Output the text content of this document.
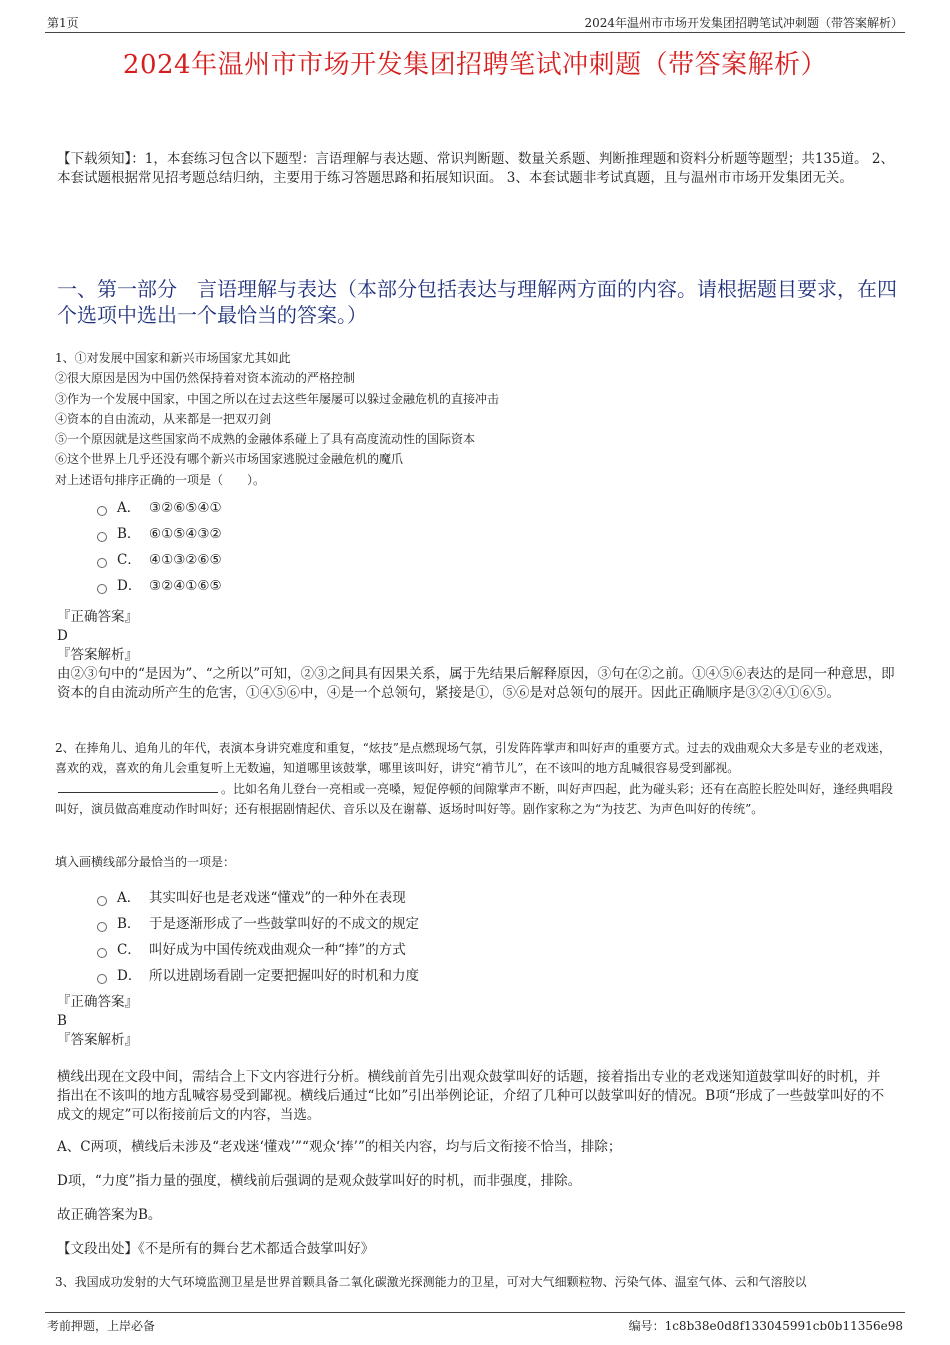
第1页	2024年温州市市场开发集团招聘笔试冲刺题（带答案解析）
2024年温州市市场开发集团招聘笔试冲刺题（带答案解析）
【下载须知】：1，本套练习包含以下题型：言语理解与表达题、常识判断题、数量关系题、判断推理题和资料分析题等题型；共135道。 2、本套试题根据常见招考题总结归纳，主要用于练习答题思路和拓展知识面。 3、本套试题非考试真题，且与温州市市场开发集团无关。
一、第一部分　言语理解与表达（本部分包括表达与理解两方面的内容。请根据题目要求，在四个选项中选出一个最恰当的答案。）
1、①对发展中国家和新兴市场国家尤其如此
②很大原因是因为中国仍然保持着对资本流动的严格控制
③作为一个发展中国家，中国之所以在过去这些年屡屡可以躲过金融危机的直接冲击
④资本的自由流动，从来都是一把双刃剑
⑤一个原因就是这些国家尚不成熟的金融体系碰上了具有高度流动性的国际资本
⑥这个世界上几乎还没有哪个新兴市场国家逃脱过金融危机的魔爪
对上述语句排序正确的一项是（　　）。
A． ③②⑥⑤④①
B． ⑥①⑤④③②
C． ④①③②⑥⑤
D． ③②④①⑥⑤

『正确答案』

D

『答案解析』

由②③句中的“是因为”、“之所以”可知，②③之间具有因果关系，属于先结果后解释原因，③句在②之前。①④⑤⑥表达的是同一种意思，即资本的自由流动所产生的危害，①④⑤⑥中，④是一个总领句，紧接是①，⑤⑥是对总领句的展开。因此正确顺序是③②④①⑥⑤。

2、在捧角儿、追角儿的年代，表演本身讲究难度和重复，“炫技”是点燃现场气氛，引发阵阵掌声和叫好声的重要方式。过去的戏曲观众大多是专业的老戏迷，喜欢的戏，喜欢的角儿会重复听上无数遍，知道哪里该鼓掌，哪里该叫好，讲究“褃节儿”，在不该叫的地方乱喊很容易受到鄙视。。比如名角儿登台一亮相或一亮嗓，短促停顿的间隙掌声不断，叫好声四起，此为碰头彩；还有在高腔长腔处叫好，逢经典唱段叫好，演员做高难度动作时叫好；还有根据剧情起伏、音乐以及在谢幕、返场时叫好等。剧作家称之为“为技艺、为声色叫好的传统”。

填入画横线部分最恰当的一项是：
A． 其实叫好也是老戏迷“懂戏”的一种外在表现
B． 于是逐渐形成了一些鼓掌叫好的不成文的规定
C． 叫好成为中国传统戏曲观众一种“捧”的方式
D． 所以进剧场看剧一定要把握叫好的时机和力度

『正确答案』

B

『答案解析』

横线出现在文段中间，需结合上下文内容进行分析。横线前首先引出观众鼓掌叫好的话题，接着指出专业的老戏迷知道鼓掌叫好的时机，并指出在不该叫的地方乱喊容易受到鄙视。横线后通过“比如”引出举例论证，介绍了几种可以鼓掌叫好的情况。B项“形成了一些鼓掌叫好的不成文的规定”可以衔接前后文的内容，当选。
A、C两项，横线后未涉及“老戏迷‘懂戏’”“观众‘捧’”的相关内容，均与后文衔接不恰当，排除；
D项，“力度”指力量的强度，横线前后强调的是观众鼓掌叫好的时机，而非强度，排除。
故正确答案为B。
【文段出处】《不是所有的舞台艺术都适合鼓掌叫好》
3、我国成功发射的大气环境监测卫星是世界首颗具备二氧化碳激光探测能力的卫星，可对大气细颗粒物、污染气体、温室气体、云和气溶胶以
考前押题，上岸必备	编号：1c8b38e0d8f133045991cb0b11356e98
